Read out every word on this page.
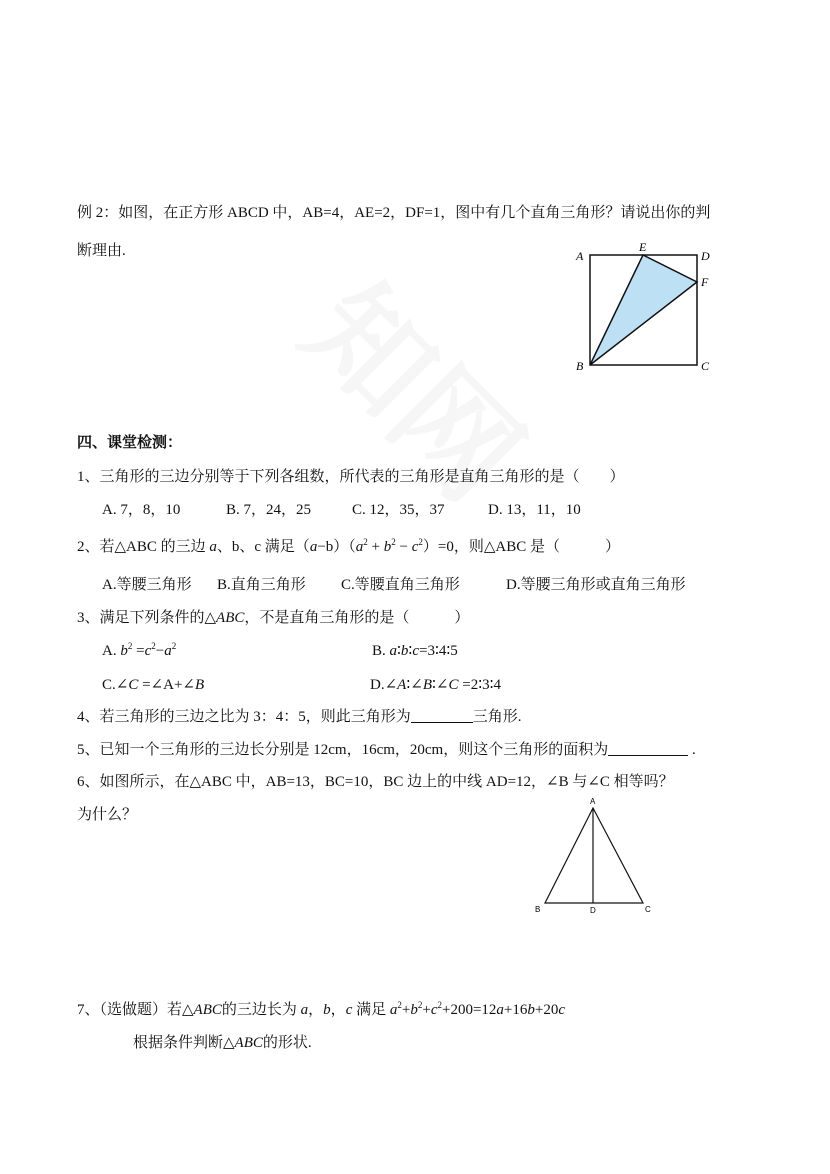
例 2：如图，在正方形 ABCD 中，AB=4，AE=2，DF=1，图中有几个直角三角形？请说出你的判
断理由.	A
E
D
F
B	C
A
B	D	C
四、课堂检测：
1、三角形的三边分别等于下列各组数，所代表的三角形是直角三角形的是（　　）
A. 7，8，10	B. 7，24，25	C. 12，35，37	D. 13，11，10
2、若△ABC 的三边 a、b、c 满足$(a-b)(a^2 + b^2 - c^2)=0$，则△ABC 是（　　　）
A.等腰三角形 B.直角三角形 C.等腰直角三角形	D.等腰三角形或直角三角形
3、满足下列条件的△ABC，不是直角三角形的是（　　　）
A. $b^2 =c^2-a^2$	B. a∶b∶c=3∶4∶5
C.∠C =∠A+∠B	D.∠A∶∠B∶∠C =2∶3∶4
4、若三角形的三边之比为 3：4：5，则此三角形为	三角形.
5、已知一个三角形的三边长分别是 12cm，16cm，20cm，则这个三角形的面积为	.
6、如图所示，在△ABC 中，AB=13，BC=10，BC 边上的中线 AD=12，∠B 与∠C 相等吗？
为什么？
7、（选做题）若△ABC的三边长为 a，b，c 满足 $a^2+b^2+c^2+200=12a+16b+20c$
根据条件判断△ABC的形状.
